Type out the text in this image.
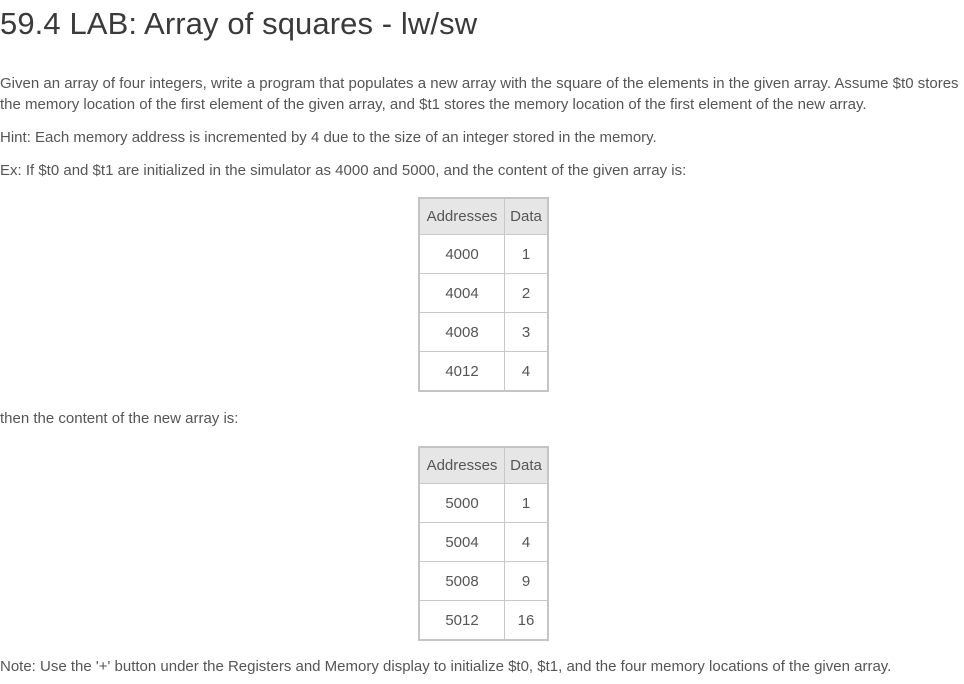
59.4 LAB: Array of squares - lw/sw

Given an array of four integers, write a program that populates a new array with the square of the elements in the given array. Assume $t0 stores the memory location of the first element of the given array, and $t1 stores the memory location of the first element of the new array.

Hint: Each memory address is incremented by 4 due to the size of an integer stored in the memory.

Ex: If $t0 and $t1 are initialized in the simulator as 4000 and 5000, and the content of the given array is:

Addresses	Data
4000	1
4004	2
4008	3
4012	4

then the content of the new array is:

Addresses	Data
5000	1
5004	4
5008	9
5012	16

Note: Use the '+' button under the Registers and Memory display to initialize $t0, $t1, and the four memory locations of the given array.
